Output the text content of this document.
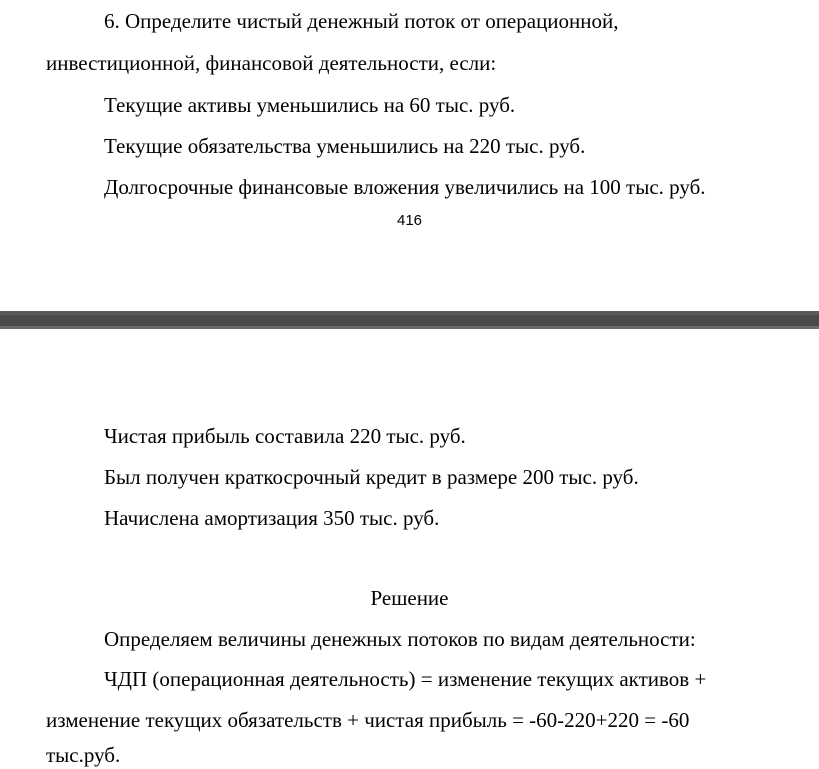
6. Определите чистый денежный поток от операционной,
инвестиционной, финансовой деятельности, если:
Текущие активы уменьшились на 60 тыс. руб.
Текущие обязательства уменьшились на 220 тыс. руб.
Долгосрочные финансовые вложения увеличились на 100 тыс. руб.
416
Чистая прибыль составила 220 тыс. руб.
Был получен краткосрочный кредит в размере 200 тыс. руб.
Начислена амортизация 350 тыс. руб.
Решение
Определяем величины денежных потоков по видам деятельности:
ЧДП (операционная деятельность) = изменение текущих активов +
изменение текущих обязательств + чистая прибыль = -60-220+220 = -60
тыс.руб.
